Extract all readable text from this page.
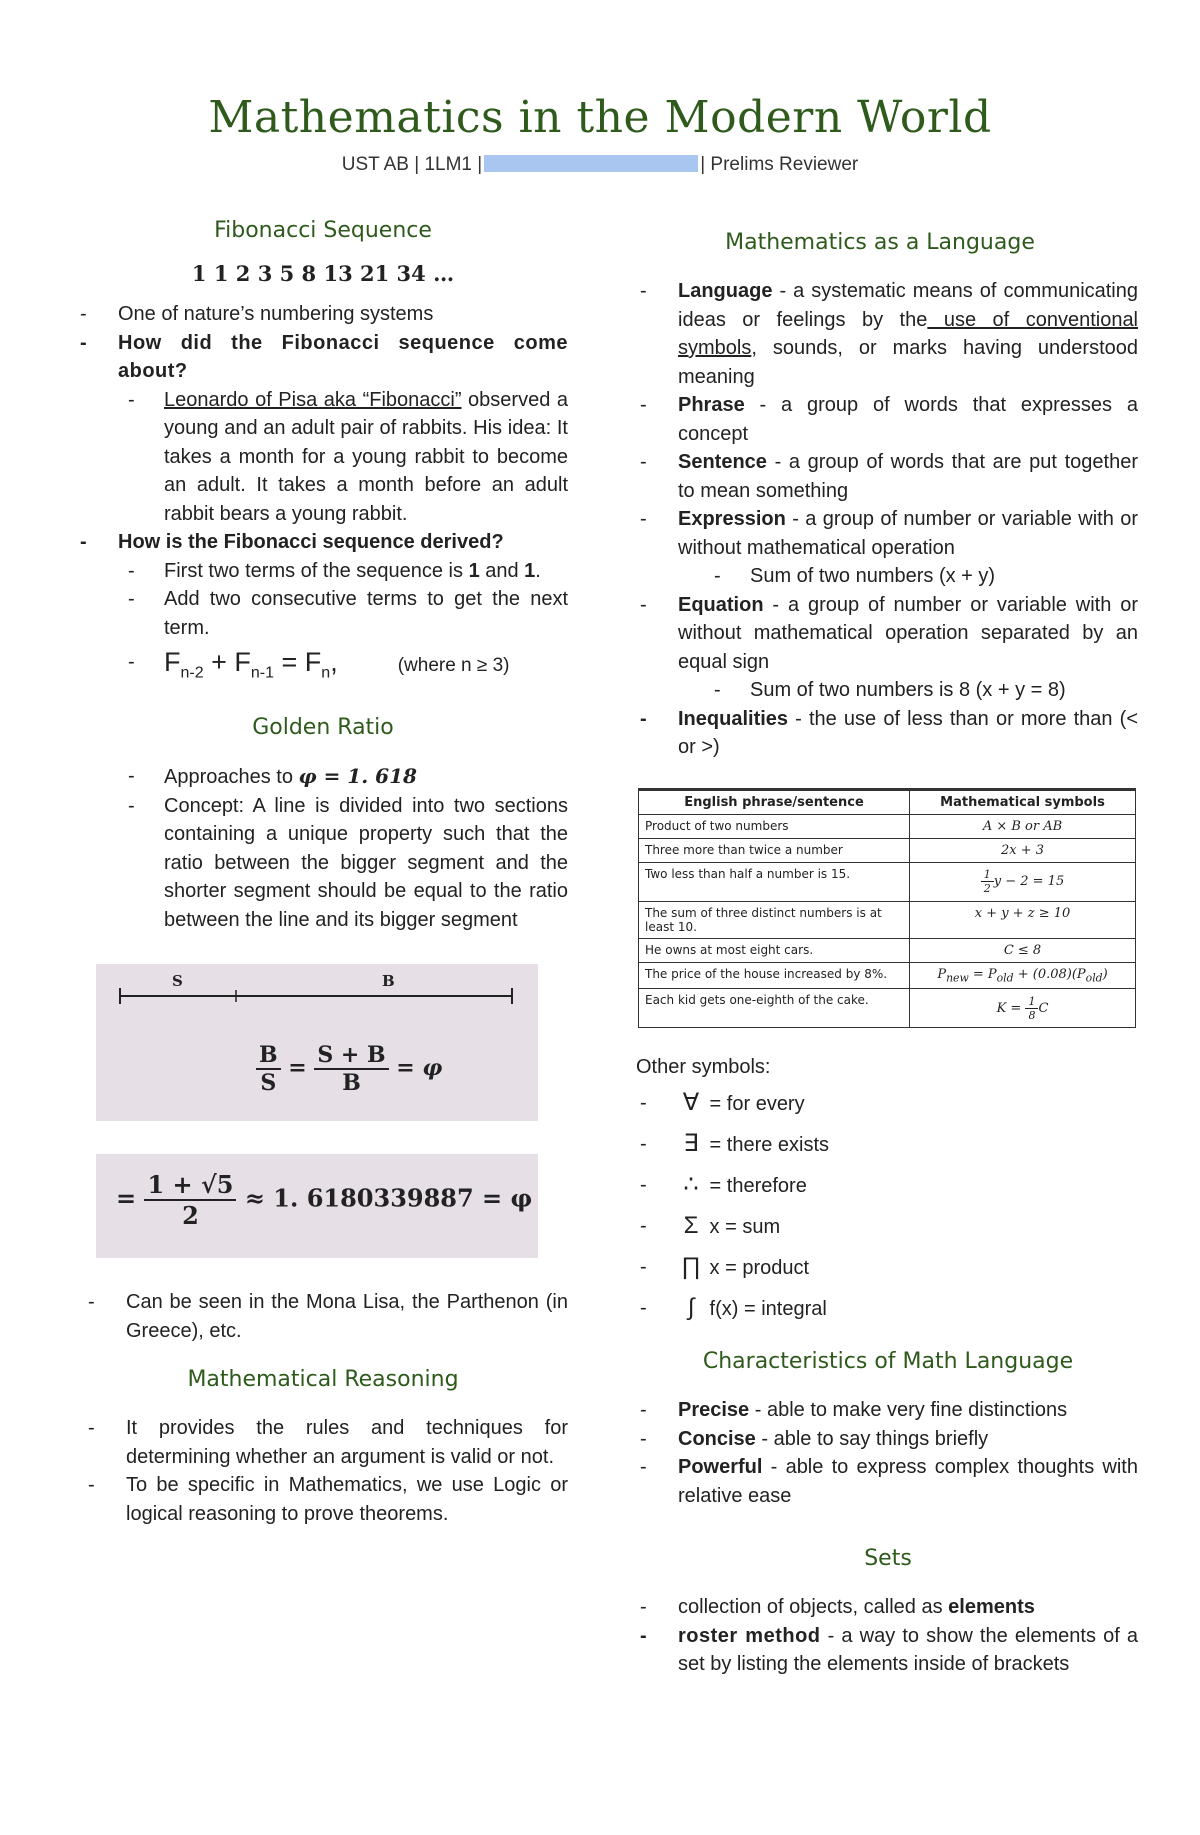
Mathematics in the Modern World
UST AB | 1LM1 |	| Prelims Reviewer
Fibonacci Sequence
1 1 2 3 5 8 13 21 34 …
- One of nature’s numbering systems
- How did the Fibonacci sequence come about?
- Leonardo of Pisa aka “Fibonacci” observed a young and an adult pair of rabbits. His idea: It takes a month for a young rabbit to become an adult. It takes a month before an adult rabbit bears a young rabbit.
- How is the Fibonacci sequence derived?
- First two terms of the sequence is 1 and 1.
- Add two consecutive terms to get the next term.
- $F_{n-2} + F_{n-1} = F_n$,	(where n ≥ 3)
Golden Ratio
- Approaches to φ = 1. 618
- Concept: A line is divided into two sections containing a unique property such that the ratio between the bigger segment and the shorter segment should be equal to the ratio between the line and its bigger segment
S	B
$\frac{B}{S} = \frac{S + B}{B} = \varphi$
= $\frac{1 + √5}{2} \approx 1$. 6180339887 = φ
- Can be seen in the Mona Lisa, the Parthenon (in Greece), etc.
Mathematical Reasoning
- It provides the rules and techniques for determining whether an argument is valid or not.
- To be specific in Mathematics, we use Logic or logical reasoning to prove theorems.
Mathematics as a Language
- Language - a systematic means of communicating ideas or feelings by the use of conventional symbols, sounds, or marks having understood meaning
- Phrase - a group of words that expresses a concept
- Sentence - a group of words that are put together to mean something
- Expression - a group of number or variable with or without mathematical operation
- Sum of two numbers (x + y)
- Equation - a group of number or variable with or without mathematical operation separated by an equal sign
- Sum of two numbers is 8 (x + y = 8)
- Inequalities - the use of less than or more than (< or >)
English phrase/sentence	Mathematical symbols
Product of two numbers	A × B or AB
Three more than twice a number	2x + 3
Two less than half a number is 15.	$\frac{1}{2}$ y − 2 = 15
The sum of three distinct numbers is at least 10.	x + y + z ≥ 10
He owns at most eight cars.	C ≤ 8
The price of the house increased by 8%.	$P_{new} = P_{old} + (0.08)(P_{old})$
Each kid gets one-eighth of the cake.	$K = \frac{1}{8}$ C
Other symbols:
- ∀ = for every
- ∃ = there exists
- ∴ = therefore
- Σ x = sum
- ∏ x = product
- ∫ f(x) = integral
Characteristics of Math Language
- Precise - able to make very fine distinctions
- Concise - able to say things briefly
- Powerful - able to express complex thoughts with relative ease
Sets
- collection of objects, called as elements
- roster method - a way to show the elements of a set by listing the elements inside of brackets
